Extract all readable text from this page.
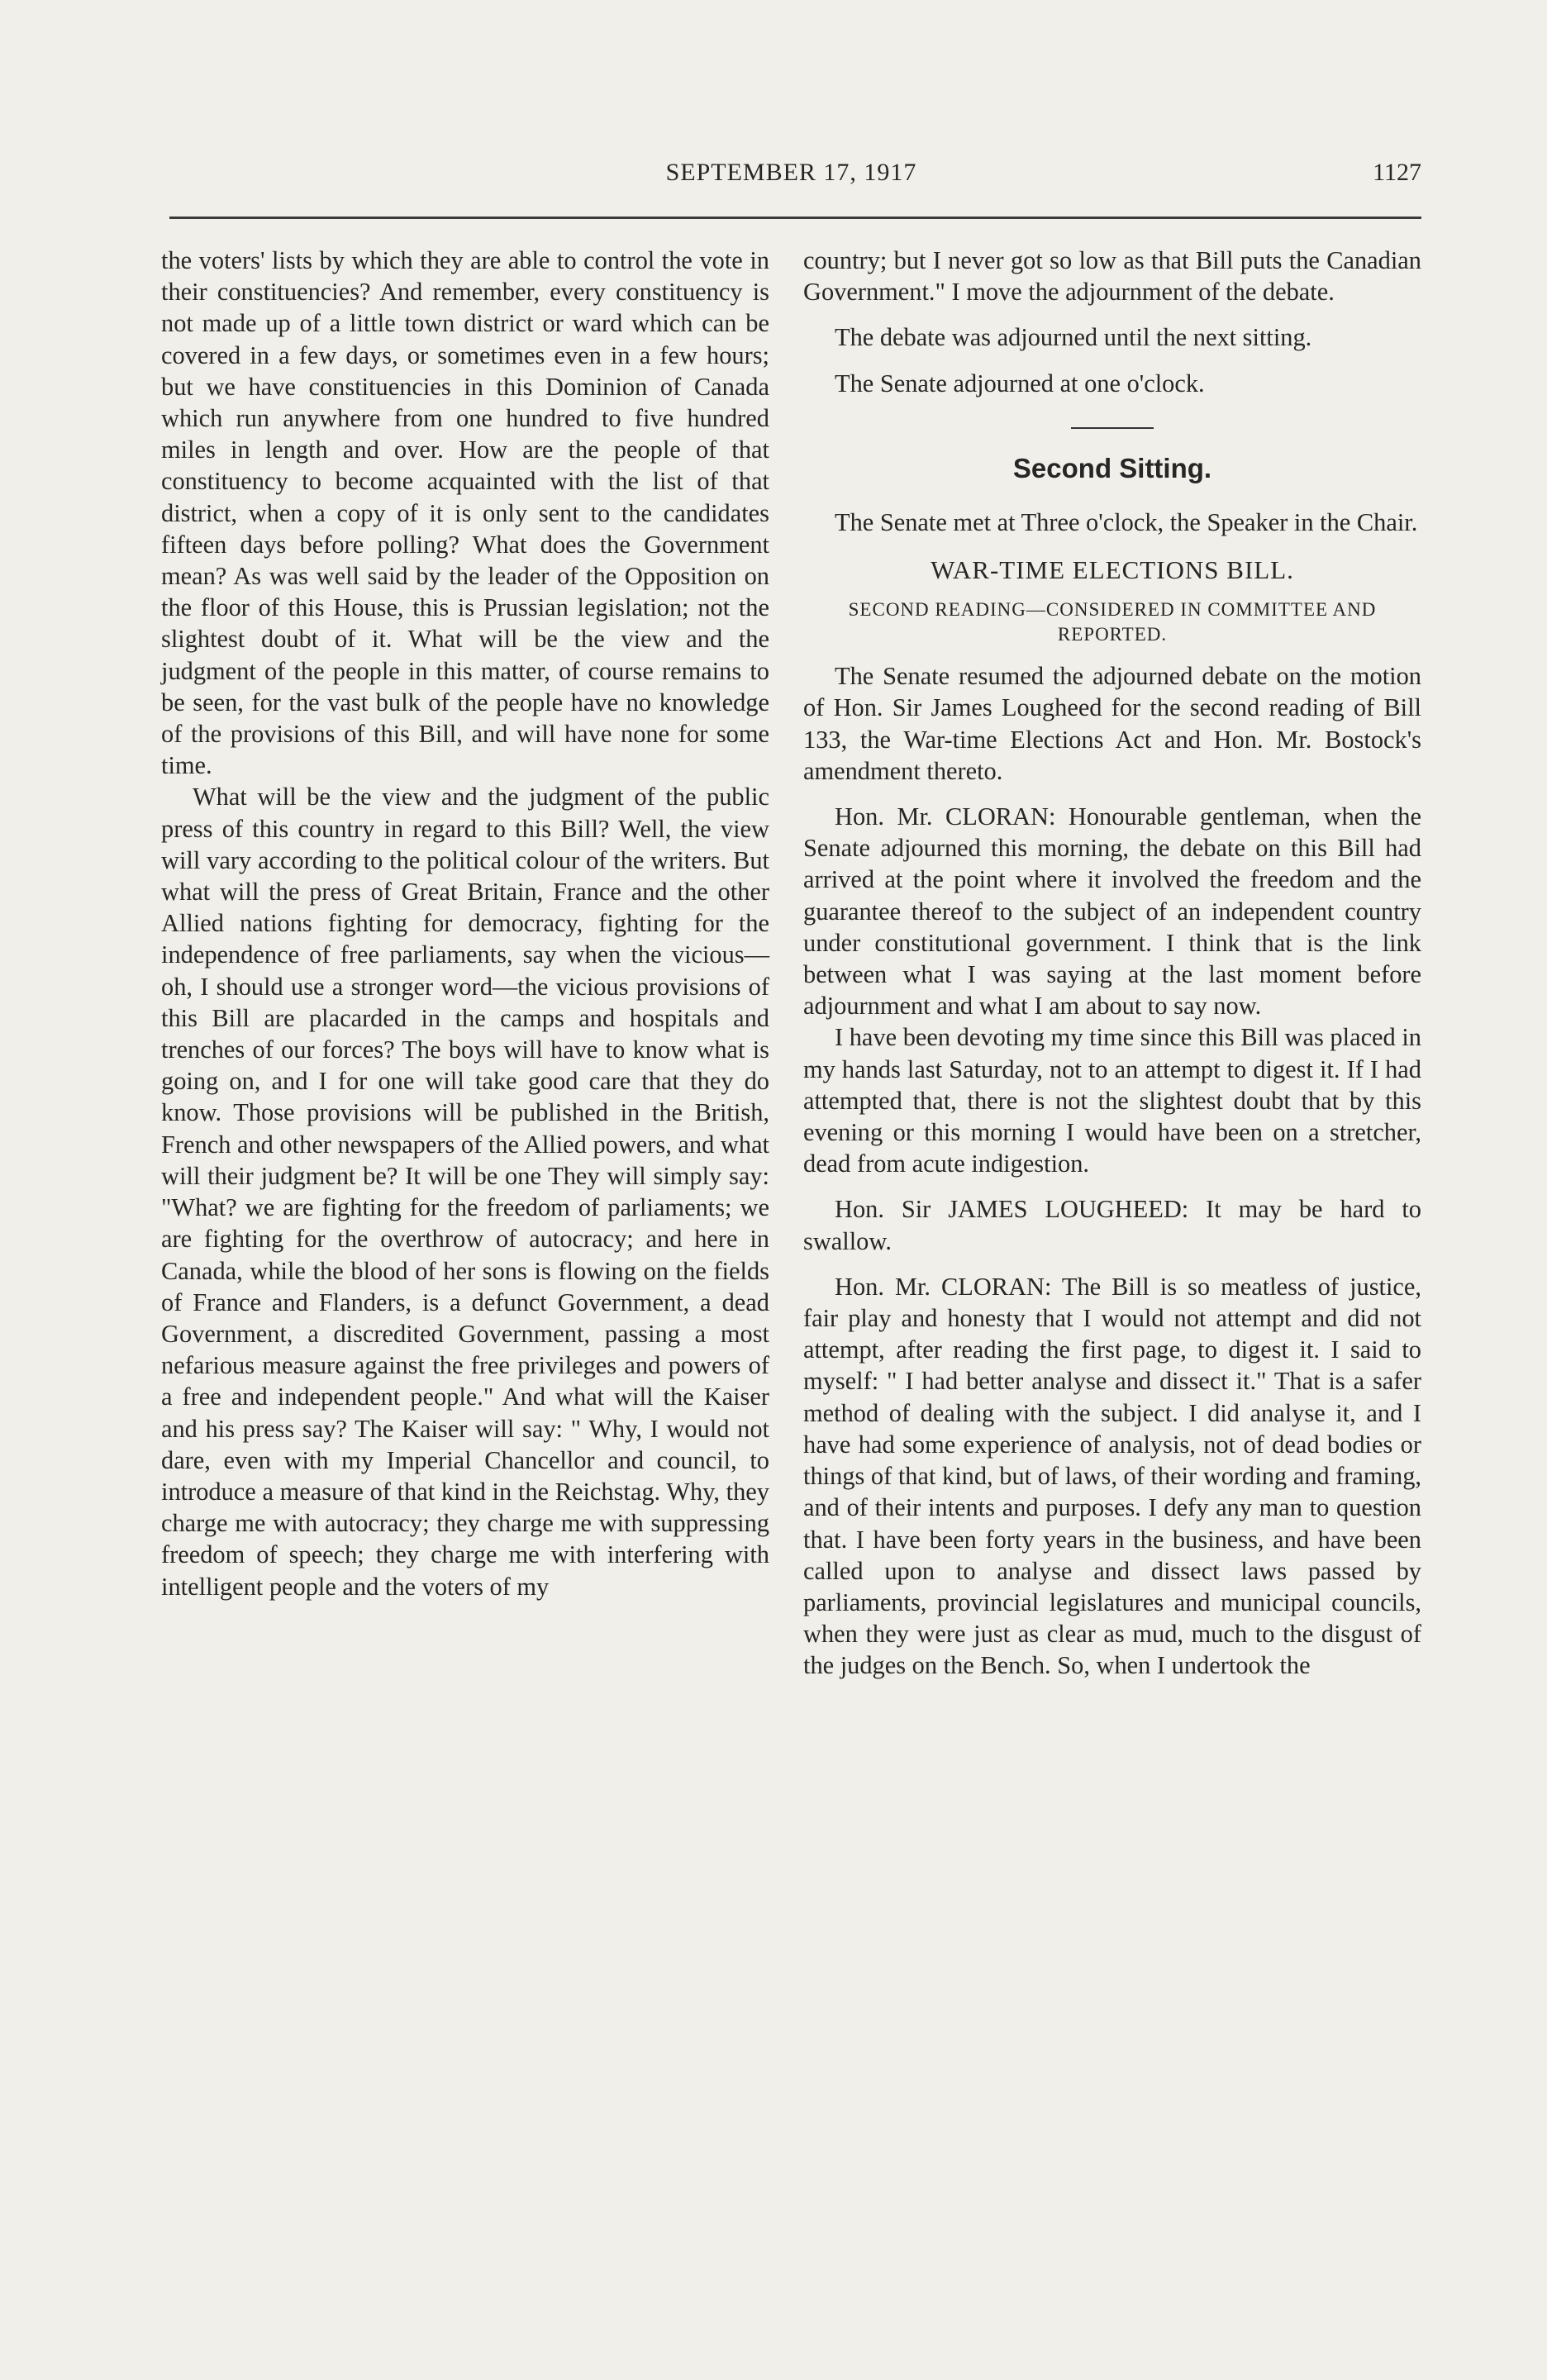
SEPTEMBER 17, 1917	1127

the voters' lists by which they are able to control the vote in their constituencies? And remember, every constituency is not made up of a little town district or ward which can be covered in a few days, or sometimes even in a few hours; but we have constituencies in this Dominion of Canada which run anywhere from one hundred to five hundred miles in length and over. How are the people of that constituency to become acquainted with the list of that district, when a copy of it is only sent to the candidates fifteen days before polling? What does the Government mean? As was well said by the leader of the Opposition on the floor of this House, this is Prussian legislation; not the slightest doubt of it. What will be the view and the judgment of the people in this matter, of course remains to be seen, for the vast bulk of the people have no knowledge of the provisions of this Bill, and will have none for some time.

What will be the view and the judgment of the public press of this country in regard to this Bill? Well, the view will vary according to the political colour of the writers. But what will the press of Great Britain, France and the other Allied nations fighting for democracy, fighting for the independence of free parliaments, say when the vicious—oh, I should use a stronger word—the vicious provisions of this Bill are placarded in the camps and hospitals and trenches of our forces? The boys will have to know what is going on, and I for one will take good care that they do know. Those provisions will be published in the British, French and other newspapers of the Allied powers, and what will their judgment be? It will be one They will simply say: "What? we are fighting for the freedom of parliaments; we are fighting for the overthrow of autocracy; and here in Canada, while the blood of her sons is flowing on the fields of France and Flanders, is a defunct Government, a dead Government, a discredited Government, passing a most nefarious measure against the free privileges and powers of a free and independent people." And what will the Kaiser and his press say? The Kaiser will say: " Why, I would not dare, even with my Imperial Chancellor and council, to introduce a measure of that kind in the Reichstag. Why, they charge me with autocracy; they charge me with suppressing freedom of speech; they charge me with interfering with intelligent people and the voters of my

country; but I never got so low as that Bill puts the Canadian Government." I move the adjournment of the debate.

The debate was adjourned until the next sitting.

The Senate adjourned at one o'clock.

Second Sitting.

The Senate met at Three o'clock, the Speaker in the Chair.

WAR-TIME ELECTIONS BILL.

SECOND READING—CONSIDERED IN COMMITTEE AND REPORTED.

The Senate resumed the adjourned debate on the motion of Hon. Sir James Lougheed for the second reading of Bill 133, the War-time Elections Act and Hon. Mr. Bostock's amendment thereto.

Hon. Mr. CLORAN: Honourable gentleman, when the Senate adjourned this morning, the debate on this Bill had arrived at the point where it involved the freedom and the guarantee thereof to the subject of an independent country under constitutional government. I think that is the link between what I was saying at the last moment before adjournment and what I am about to say now.

I have been devoting my time since this Bill was placed in my hands last Saturday, not to an attempt to digest it. If I had attempted that, there is not the slightest doubt that by this evening or this morning I would have been on a stretcher, dead from acute indigestion.

Hon. Sir JAMES LOUGHEED: It may be hard to swallow.

Hon. Mr. CLORAN: The Bill is so meatless of justice, fair play and honesty that I would not attempt and did not attempt, after reading the first page, to digest it. I said to myself: " I had better analyse and dissect it." That is a safer method of dealing with the subject. I did analyse it, and I have had some experience of analysis, not of dead bodies or things of that kind, but of laws, of their wording and framing, and of their intents and purposes. I defy any man to question that. I have been forty years in the business, and have been called upon to analyse and dissect laws passed by parliaments, provincial legislatures and municipal councils, when they were just as clear as mud, much to the disgust of the judges on the Bench. So, when I undertook the
